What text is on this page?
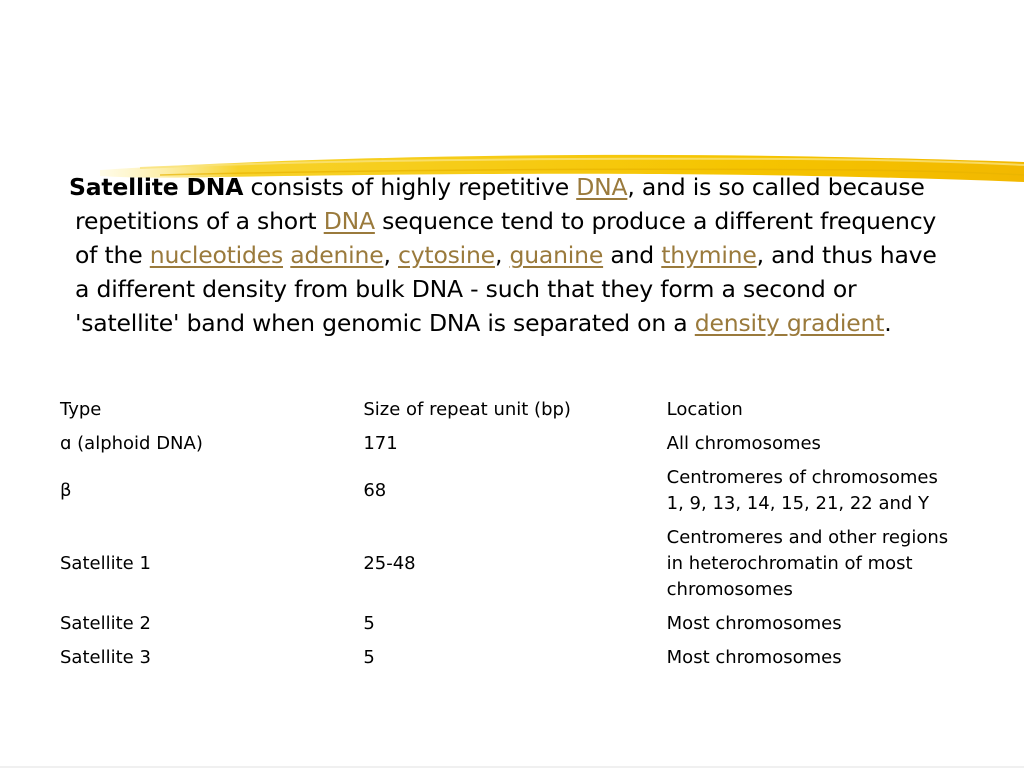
Satellite DNA consists of highly repetitive DNA, and is so called because repetitions of a short DNA sequence tend to produce a different frequency of the nucleotides adenine, cytosine, guanine and thymine, and thus have a different density from bulk DNA - such that they form a second or 'satellite' band when genomic DNA is separated on a density gradient.
Type	Size of repeat unit (bp)	Location
ɑ (alphoid DNA)	171	All chromosomes
β	68	Centromeres of chromosomes 1, 9, 13, 14, 15, 21, 22 and Y
Satellite 1	25-48	Centromeres and other regions in heterochromatin of most chromosomes
Satellite 2	5	Most chromosomes
Satellite 3	5	Most chromosomes
